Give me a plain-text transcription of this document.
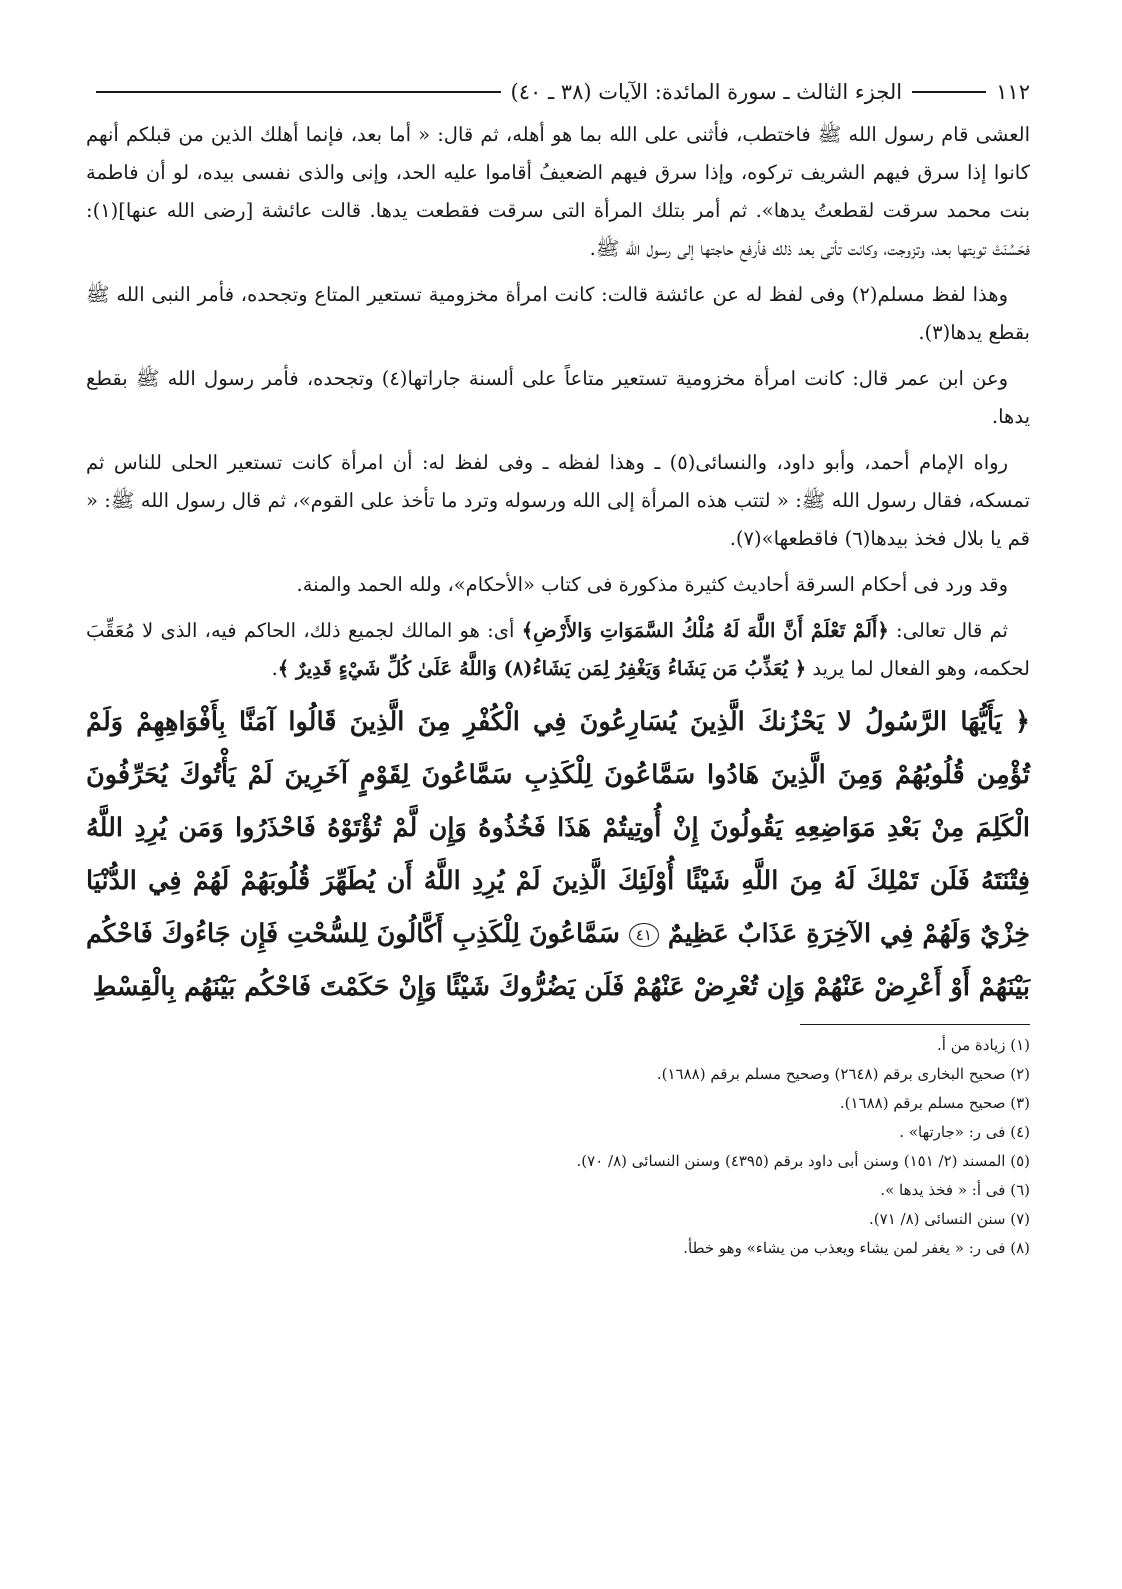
١١٢
الجزء الثالث ـ سورة المائدة: الآيات

(٣٨ ـ ٤٠)

العشى قام رسول الله ﷺ فاختطب، فأثنى على الله بما هو أهله، ثم قال: « أما بعد، فإنما أهلك الذين من قبلكم أنهم كانوا إذا سرق فيهم الشريف تركوه، وإذا سرق فيهم الضعيفُ أقاموا عليه الحد، وإنى والذى نفسى بيده، لو أن فاطمة بنت محمد سرقت لقطعتُ يدها». ثم أمر بتلك المرأة التى سرقت فقطعت يدها. قالت عائشة [رضى الله عنها](١): فحَسُنَتْ توبتها بعد، وتزوجت، وكانت تأتى بعد ذلك فأرفع حاجتها إلى رسول الله ﷺ.

وهذا لفظ مسلم(٢) وفى لفظ له عن عائشة قالت: كانت امرأة مخزومية تستعير المتاع وتجحده، فأمر النبى الله ﷺ بقطع يدها(٣).

وعن ابن عمر قال: كانت امرأة مخزومية تستعير متاعاً على ألسنة جاراتها(٤) وتجحده، فأمر رسول الله ﷺ بقطع يدها.

رواه الإمام أحمد، وأبو داود، والنسائى(٥) ـ وهذا لفظه ـ وفى لفظ له: أن امرأة كانت تستعير الحلى للناس ثم تمسكه، فقال رسول الله ﷺ: « لتتب هذه المرأة إلى الله ورسوله وترد ما تأخذ على القوم»، ثم قال رسول الله ﷺ: « قم يا بلال فخذ بيدها(٦) فاقطعها»(٧).

وقد ورد فى أحكام السرقة أحاديث كثيرة مذكورة فى كتاب «الأحكام»، ولله الحمد والمنة.

ثم قال تعالى: ﴿أَلَمْ تَعْلَمْ أَنَّ اللَّهَ لَهُ مُلْكُ السَّمَوَاتِ وَالأَرْضِ﴾ أى: هو المالك لجميع ذلك، الحاكم فيه، الذى لا مُعَقِّبَ لحكمه، وهو الفعال لما يريد ﴿ يُعَذِّبُ مَن يَشَاءُ وَيَغْفِرُ لِمَن يَشَاءُ(٨) وَاللَّهُ عَلَىٰ كُلِّ شَيْءٍ قَدِيرٌ ﴾.

﴿ يَأَيُّهَا الرَّسُولُ لا يَحْزُنكَ الَّذِينَ يُسَارِعُونَ فِي الْكُفْرِ مِنَ الَّذِينَ قَالُوا آمَنَّا بِأَفْوَاهِهِمْ وَلَمْ تُؤْمِن قُلُوبُهُمْ وَمِنَ الَّذِينَ هَادُوا سَمَّاعُونَ لِلْكَذِبِ سَمَّاعُونَ لِقَوْمٍ آخَرِينَ لَمْ يَأْتُوكَ يُحَرِّفُونَ الْكَلِمَ مِنْ بَعْدِ مَوَاضِعِهِ يَقُولُونَ إِنْ أُوتِيتُمْ هَذَا فَخُذُوهُ وَإِن لَّمْ تُؤْتَوْهُ فَاحْذَرُوا وَمَن يُرِدِ اللَّهُ فِتْنَتَهُ فَلَن تَمْلِكَ لَهُ مِنَ اللَّهِ شَيْئًا أُوْلَئِكَ الَّذِينَ لَمْ يُرِدِ اللَّهُ أَن يُطَهِّرَ قُلُوبَهُمْ لَهُمْ فِي الدُّنْيَا خِزْيٌ وَلَهُمْ فِي الآخِرَةِ عَذَابٌ عَظِيمٌ ٤١ سَمَّاعُونَ لِلْكَذِبِ أَكَّالُونَ لِلسُّحْتِ فَإِن جَاءُوكَ فَاحْكُم بَيْنَهُمْ أَوْ أَعْرِضْ عَنْهُمْ وَإِن تُعْرِضْ عَنْهُمْ فَلَن يَضُرُّوكَ شَيْئًا وَإِنْ حَكَمْتَ فَاحْكُم بَيْنَهُم بِالْقِسْطِ

(١) زيادة من أ.

(٢) صحيح البخارى برقم (٢٦٤٨) وصحيح مسلم برقم (١٦٨٨).

(٣) صحيح مسلم برقم (١٦٨٨).

(٤) فى ر: «جارتها» .

(٥) المسند (٢/ ١٥١) وسنن أبى داود برقم (٤٣٩٥) وسنن النسائى (٨/ ٧٠).

(٦) فى أ: « فخذ يدها ».

(٧) سنن النسائى (٨/ ٧١).

(٨) فى ر: « يغفر لمن يشاء ويعذب من يشاء» وهو خطأ.
